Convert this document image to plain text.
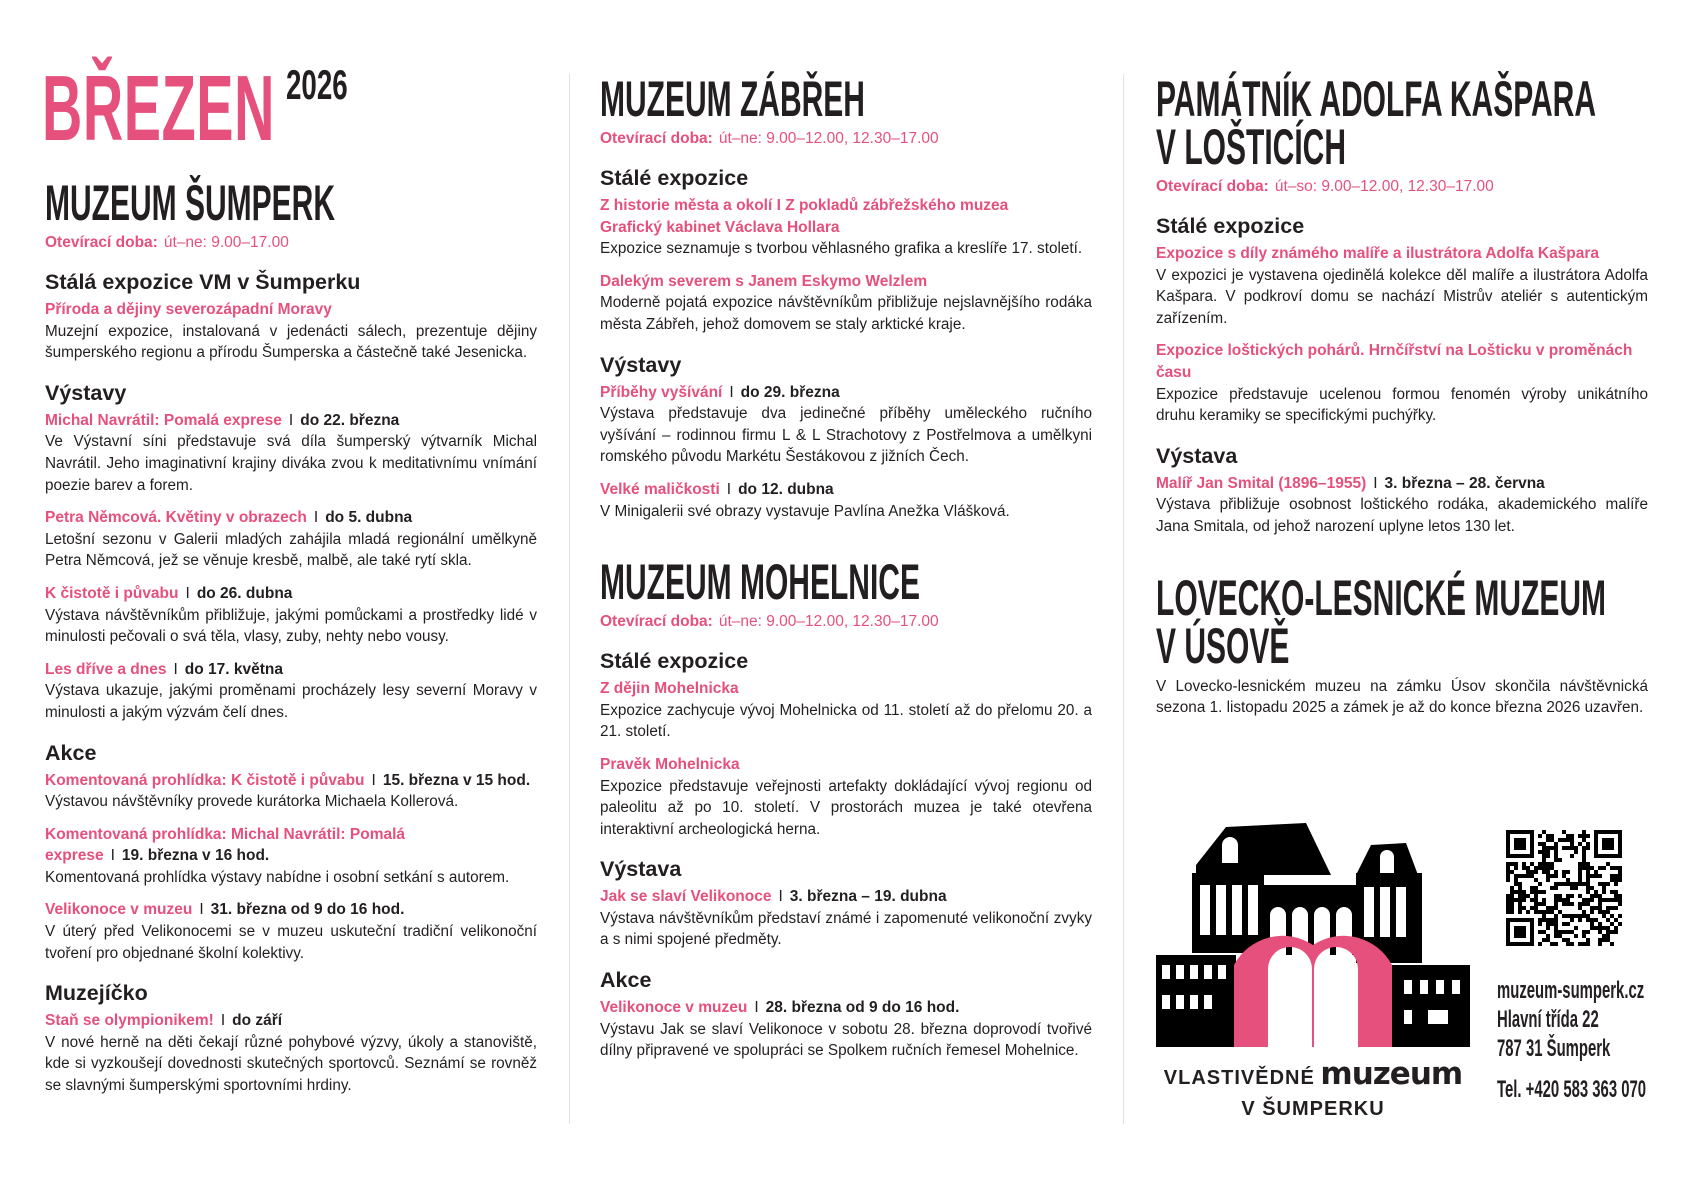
BŘEZEN 2026
MUZEUM ŠUMPERK

Otevírací doba: út–ne: 9.00–17.00

Stálá expozice VM v Šumperku

Příroda a dějiny severozápadní Moravy

Muzejní expozice, instalovaná v jedenácti sálech, prezentuje dějiny šumperského regionu a přírodu Šumperska a částečně také Jesenicka.

Výstavy

Michal Navrátil: Pomalá exprese I do 22. března

Ve Výstavní síni představuje svá díla šumperský výtvarník Michal Navrátil. Jeho imaginativní krajiny diváka zvou k meditativnímu vnímání poezie barev a forem.

Petra Němcová. Květiny v obrazech I do 5. dubna

Letošní sezonu v Galerii mladých zahájila mladá regionální umělkyně Petra Němcová, jež se věnuje kresbě, malbě, ale také rytí skla.

K čistotě i půvabu I do 26. dubna

Výstava návštěvníkům přibližuje, jakými pomůckami a prostředky lidé v minulosti pečovali o svá těla, vlasy, zuby, nehty nebo vousy.

Les dříve a dnes I do 17. května

Výstava ukazuje, jakými proměnami procházely lesy severní Moravy v minulosti a jakým výzvám čelí dnes.

Akce

Komentovaná prohlídka: K čistotě i půvabu I 15. března v 15 hod.

Výstavou návštěvníky provede kurátorka Michaela Kollerová.

Komentovaná prohlídka: Michal Navrátil: Pomalá exprese I 19. března v 16 hod.

Komentovaná prohlídka výstavy nabídne i osobní setkání s autorem.

Velikonoce v muzeu I 31. března od 9 do 16 hod.

V úterý před Velikonocemi se v muzeu uskuteční tradiční velikonoční tvoření pro objednané školní kolektivy.

Muzejíčko

Staň se olympionikem! I do září

V nové herně na děti čekají různé pohybové výzvy, úkoly a stanoviště, kde si vyzkoušejí dovednosti skutečných sportovců. Seznámí se rovněž se slavnými šumperskými sportovními hrdiny.

MUZEUM ZÁBŘEH

Otevírací doba: út–ne: 9.00–12.00, 12.30–17.00

Stálé expozice

Z historie města a okolí I Z pokladů zábřežského muzea

Grafický kabinet Václava Hollara

Expozice seznamuje s tvorbou věhlasného grafika a kreslíře 17. století.

Dalekým severem s Janem Eskymo Welzlem

Moderně pojatá expozice návštěvníkům přibližuje nejslavnějšího rodáka města Zábřeh, jehož domovem se staly arktické kraje.

Výstavy

Příběhy vyšívání I do 29. března

Výstava představuje dva jedinečné příběhy uměleckého ručního vyšívání – rodinnou firmu L & L Strachotovy z Postřelmova a umělkyni romského původu Markétu Šestákovou z jižních Čech.

Velké maličkosti I do 12. dubna

V Minigalerii své obrazy vystavuje Pavlína Anežka Vlášková.

MUZEUM MOHELNICE

Otevírací doba: út–ne: 9.00–12.00, 12.30–17.00

Stálé expozice

Z dějin Mohelnicka

Expozice zachycuje vývoj Mohelnicka od 11. století až do přelomu 20. a 21. století.

Pravěk Mohelnicka

Expozice představuje veřejnosti artefakty dokládající vývoj regionu od paleolitu až po 10. století. V prostorách muzea je také otevřena interaktivní archeologická herna.

Výstava

Jak se slaví Velikonoce I 3. března – 19. dubna

Výstava návštěvníkům představí známé i zapomenuté velikonoční zvyky a s nimi spojené předměty.

Akce

Velikonoce v muzeu I 28. března od 9 do 16 hod.

Výstavu Jak se slaví Velikonoce v sobotu 28. března doprovodí tvořivé dílny připravené ve spolupráci se Spolkem ručních řemesel Mohelnice.

PAMÁTNÍK ADOLFA KAŠPARA
V LOŠTICÍCH

Otevírací doba: út–so: 9.00–12.00, 12.30–17.00

Stálé expozice

Expozice s díly známého malíře a ilustrátora Adolfa Kašpara

V expozici je vystavena ojedinělá kolekce děl malíře a ilustrátora Adolfa Kašpara. V podkroví domu se nachází Mistrův ateliér s autentickým zařízením.

Expozice loštických pohárů. Hrnčířství na Lošticku v proměnách času

Expozice představuje ucelenou formou fenomén výroby unikátního druhu keramiky se specifickými puchýřky.

Výstava

Malíř Jan Smital (1896–1955) I 3. března – 28. června

Výstava přibližuje osobnost loštického rodáka, akademického malíře Jana Smitala, od jehož narození uplyne letos 130 let.

LOVECKO-LESNICKÉ MUZEUM
V ÚSOVĚ

V Lovecko-lesnickém muzeu na zámku Úsov skončila návštěvnická sezona 1. listopadu 2025 a zámek je až do konce března 2026 uzavřen.

VLASTIVĚDNÉ muzeum
V ŠUMPERKU
muzeum-sumperk.cz
Hlavní třída 22
787 31 Šumperk
Tel. +420 583 363 070
